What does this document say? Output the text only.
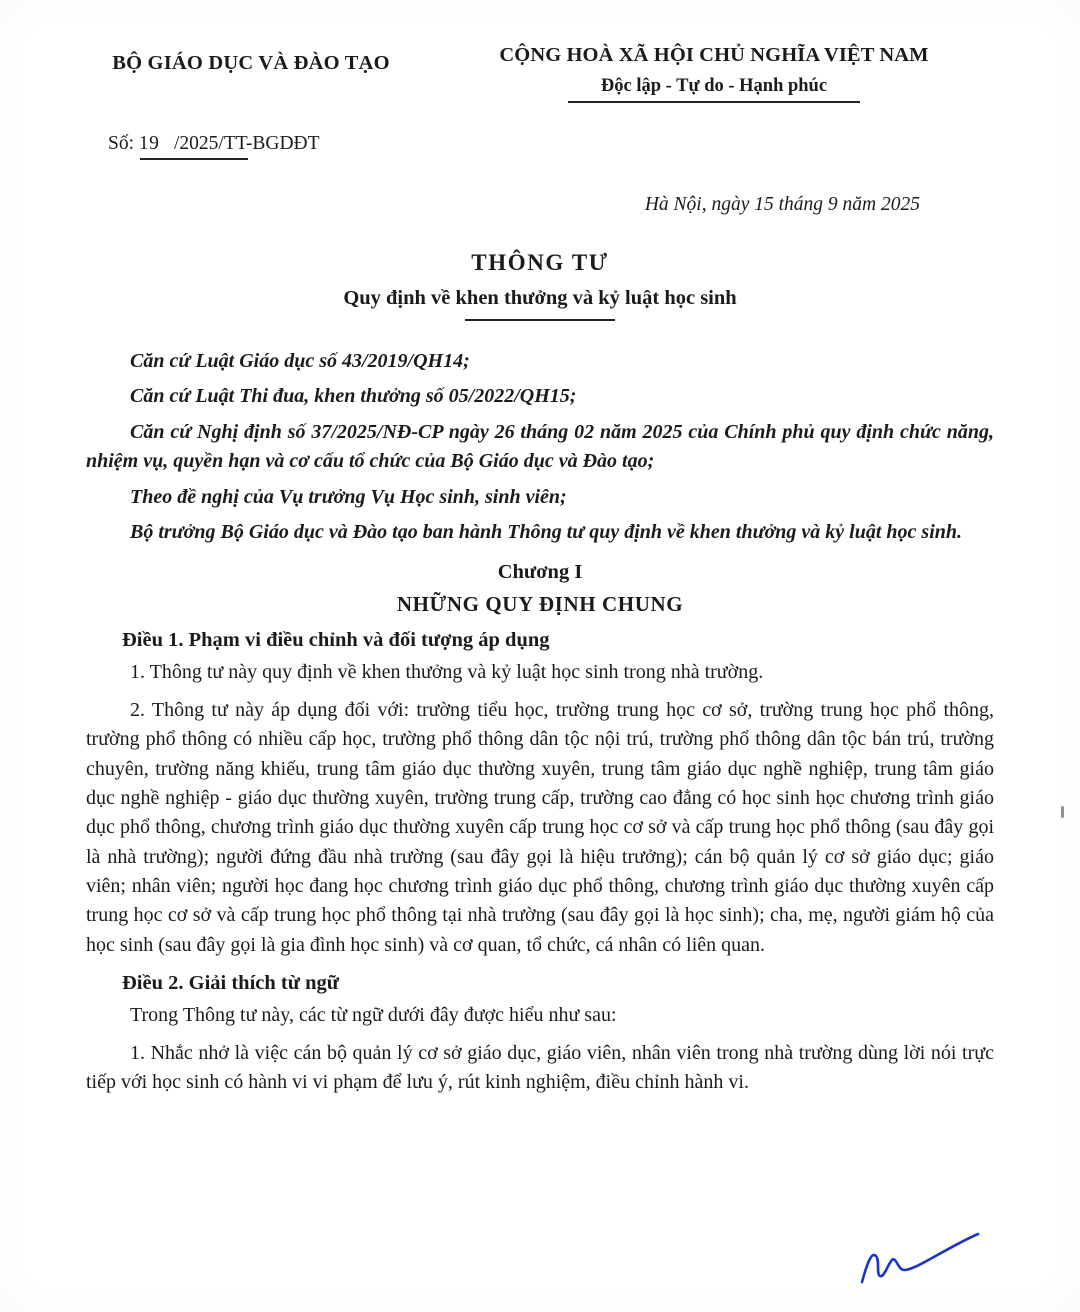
BỘ GIÁO DỤC VÀ ĐÀO TẠO	CỘNG HOÀ XÃ HỘI CHỦ NGHĨA VIỆT NAM
Độc lập - Tự do - Hạnh phúc
Số: 19 /2025/TT-BGDĐT
Hà Nội, ngày 15 tháng 9 năm 2025
THÔNG TƯ
Quy định về khen thưởng và kỷ luật học sinh

Căn cứ Luật Giáo dục số 43/2019/QH14;

Căn cứ Luật Thi đua, khen thưởng số 05/2022/QH15;

Căn cứ Nghị định số 37/2025/NĐ-CP ngày 26 tháng 02 năm 2025 của Chính phủ quy định chức năng, nhiệm vụ, quyền hạn và cơ cấu tổ chức của Bộ Giáo dục và Đào tạo;

Theo đề nghị của Vụ trưởng Vụ Học sinh, sinh viên;

Bộ trưởng Bộ Giáo dục và Đào tạo ban hành Thông tư quy định về khen thưởng và kỷ luật học sinh.

Chương I
NHỮNG QUY ĐỊNH CHUNG
Điều 1. Phạm vi điều chỉnh và đối tượng áp dụng

1. Thông tư này quy định về khen thưởng và kỷ luật học sinh trong nhà trường.

2. Thông tư này áp dụng đối với: trường tiểu học, trường trung học cơ sở, trường trung học phổ thông, trường phổ thông có nhiều cấp học, trường phổ thông dân tộc nội trú, trường phổ thông dân tộc bán trú, trường chuyên, trường năng khiếu, trung tâm giáo dục thường xuyên, trung tâm giáo dục nghề nghiệp, trung tâm giáo dục nghề nghiệp - giáo dục thường xuyên, trường trung cấp, trường cao đẳng có học sinh học chương trình giáo dục phổ thông, chương trình giáo dục thường xuyên cấp trung học cơ sở và cấp trung học phổ thông (sau đây gọi là nhà trường); người đứng đầu nhà trường (sau đây gọi là hiệu trưởng); cán bộ quản lý cơ sở giáo dục; giáo viên; nhân viên; người học đang học chương trình giáo dục phổ thông, chương trình giáo dục thường xuyên cấp trung học cơ sở và cấp trung học phổ thông tại nhà trường (sau đây gọi là học sinh); cha, mẹ, người giám hộ của học sinh (sau đây gọi là gia đình học sinh) và cơ quan, tổ chức, cá nhân có liên quan.

Điều 2. Giải thích từ ngữ

Trong Thông tư này, các từ ngữ dưới đây được hiểu như sau:

1. Nhắc nhở là việc cán bộ quản lý cơ sở giáo dục, giáo viên, nhân viên trong nhà trường dùng lời nói trực tiếp với học sinh có hành vi vi phạm để lưu ý, rút kinh nghiệm, điều chỉnh hành vi.
